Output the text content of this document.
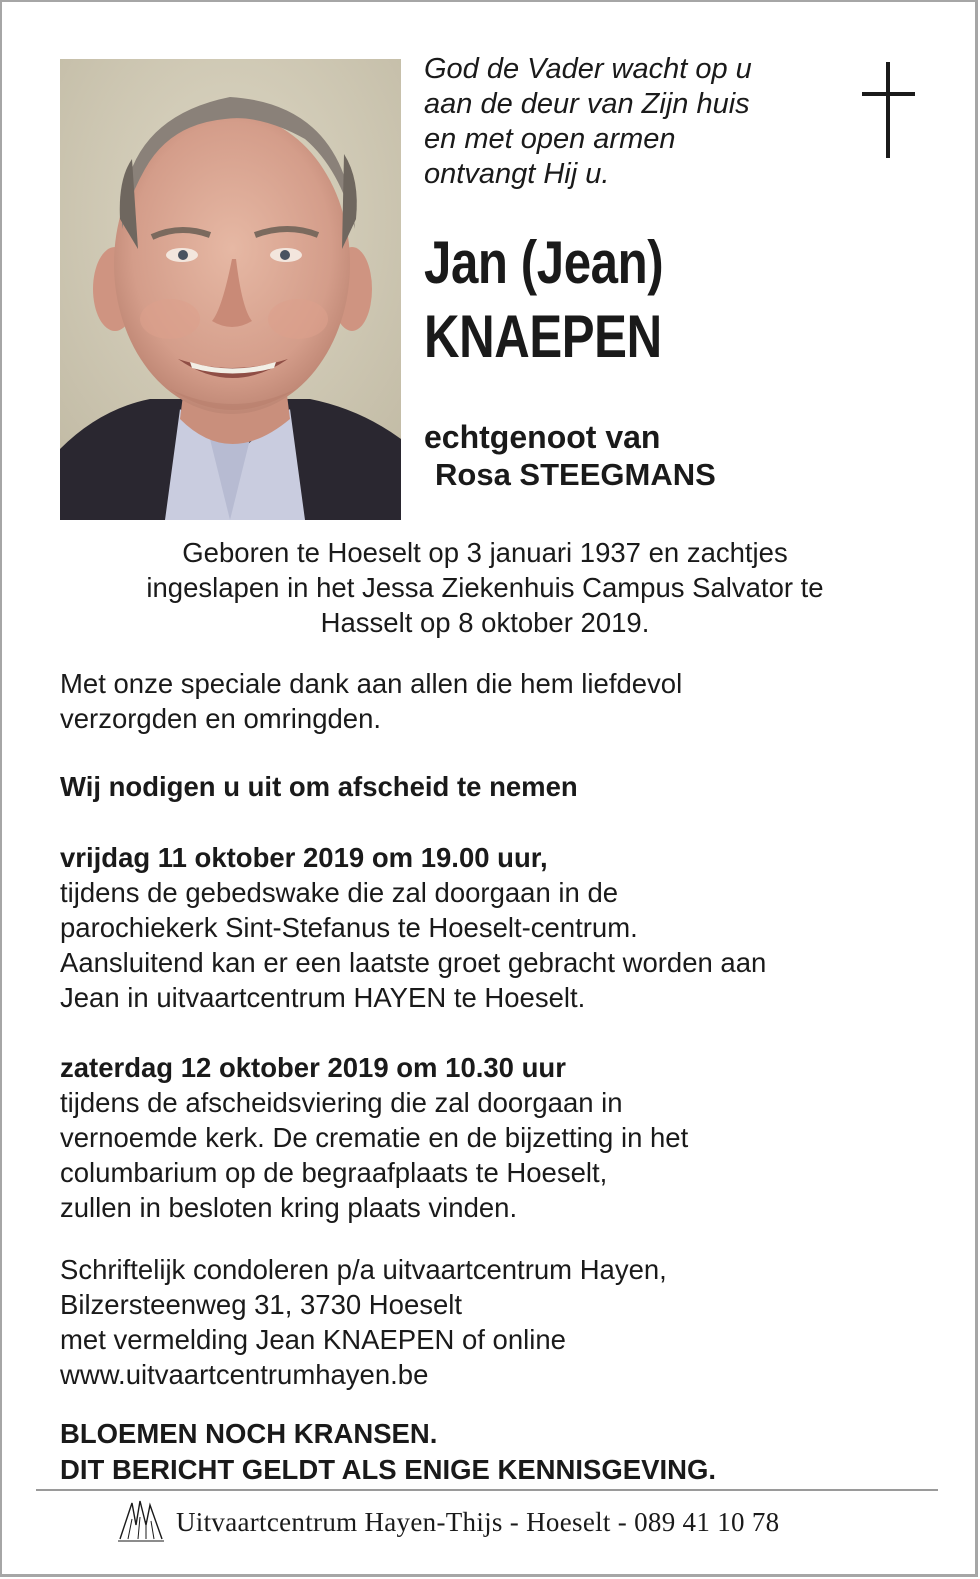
God de Vader wacht op u
aan de deur van Zijn huis
en met open armen
ontvangt Hij u.
Jan (Jean)
KNAEPEN
echtgenoot van
Rosa STEEGMANS
Geboren te Hoeselt op 3 januari 1937 en zachtjes
ingeslapen in het Jessa Ziekenhuis Campus Salvator te
Hasselt op 8 oktober 2019.
Met onze speciale dank aan allen die hem liefdevol
verzorgden en omringden.
Wij nodigen u uit om afscheid te nemen
vrijdag 11 oktober 2019 om 19.00 uur,
tijdens de gebedswake die zal doorgaan in de
parochiekerk Sint-Stefanus te Hoeselt-centrum.
Aansluitend kan er een laatste groet gebracht worden aan
Jean in uitvaartcentrum HAYEN te Hoeselt.
zaterdag 12 oktober 2019 om 10.30 uur
tijdens de afscheidsviering die zal doorgaan in
vernoemde kerk. De crematie en de bijzetting in het
columbarium op de begraafplaats te Hoeselt,
zullen in besloten kring plaats vinden.
Schriftelijk condoleren p/a uitvaartcentrum Hayen,
Bilzersteenweg 31, 3730 Hoeselt
met vermelding Jean KNAEPEN of online
www.uitvaartcentrumhayen.be
BLOEMEN NOCH KRANSEN.
DIT BERICHT GELDT ALS ENIGE KENNISGEVING.
Uitvaartcentrum Hayen-Thijs - Hoeselt - 089 41 10 78
